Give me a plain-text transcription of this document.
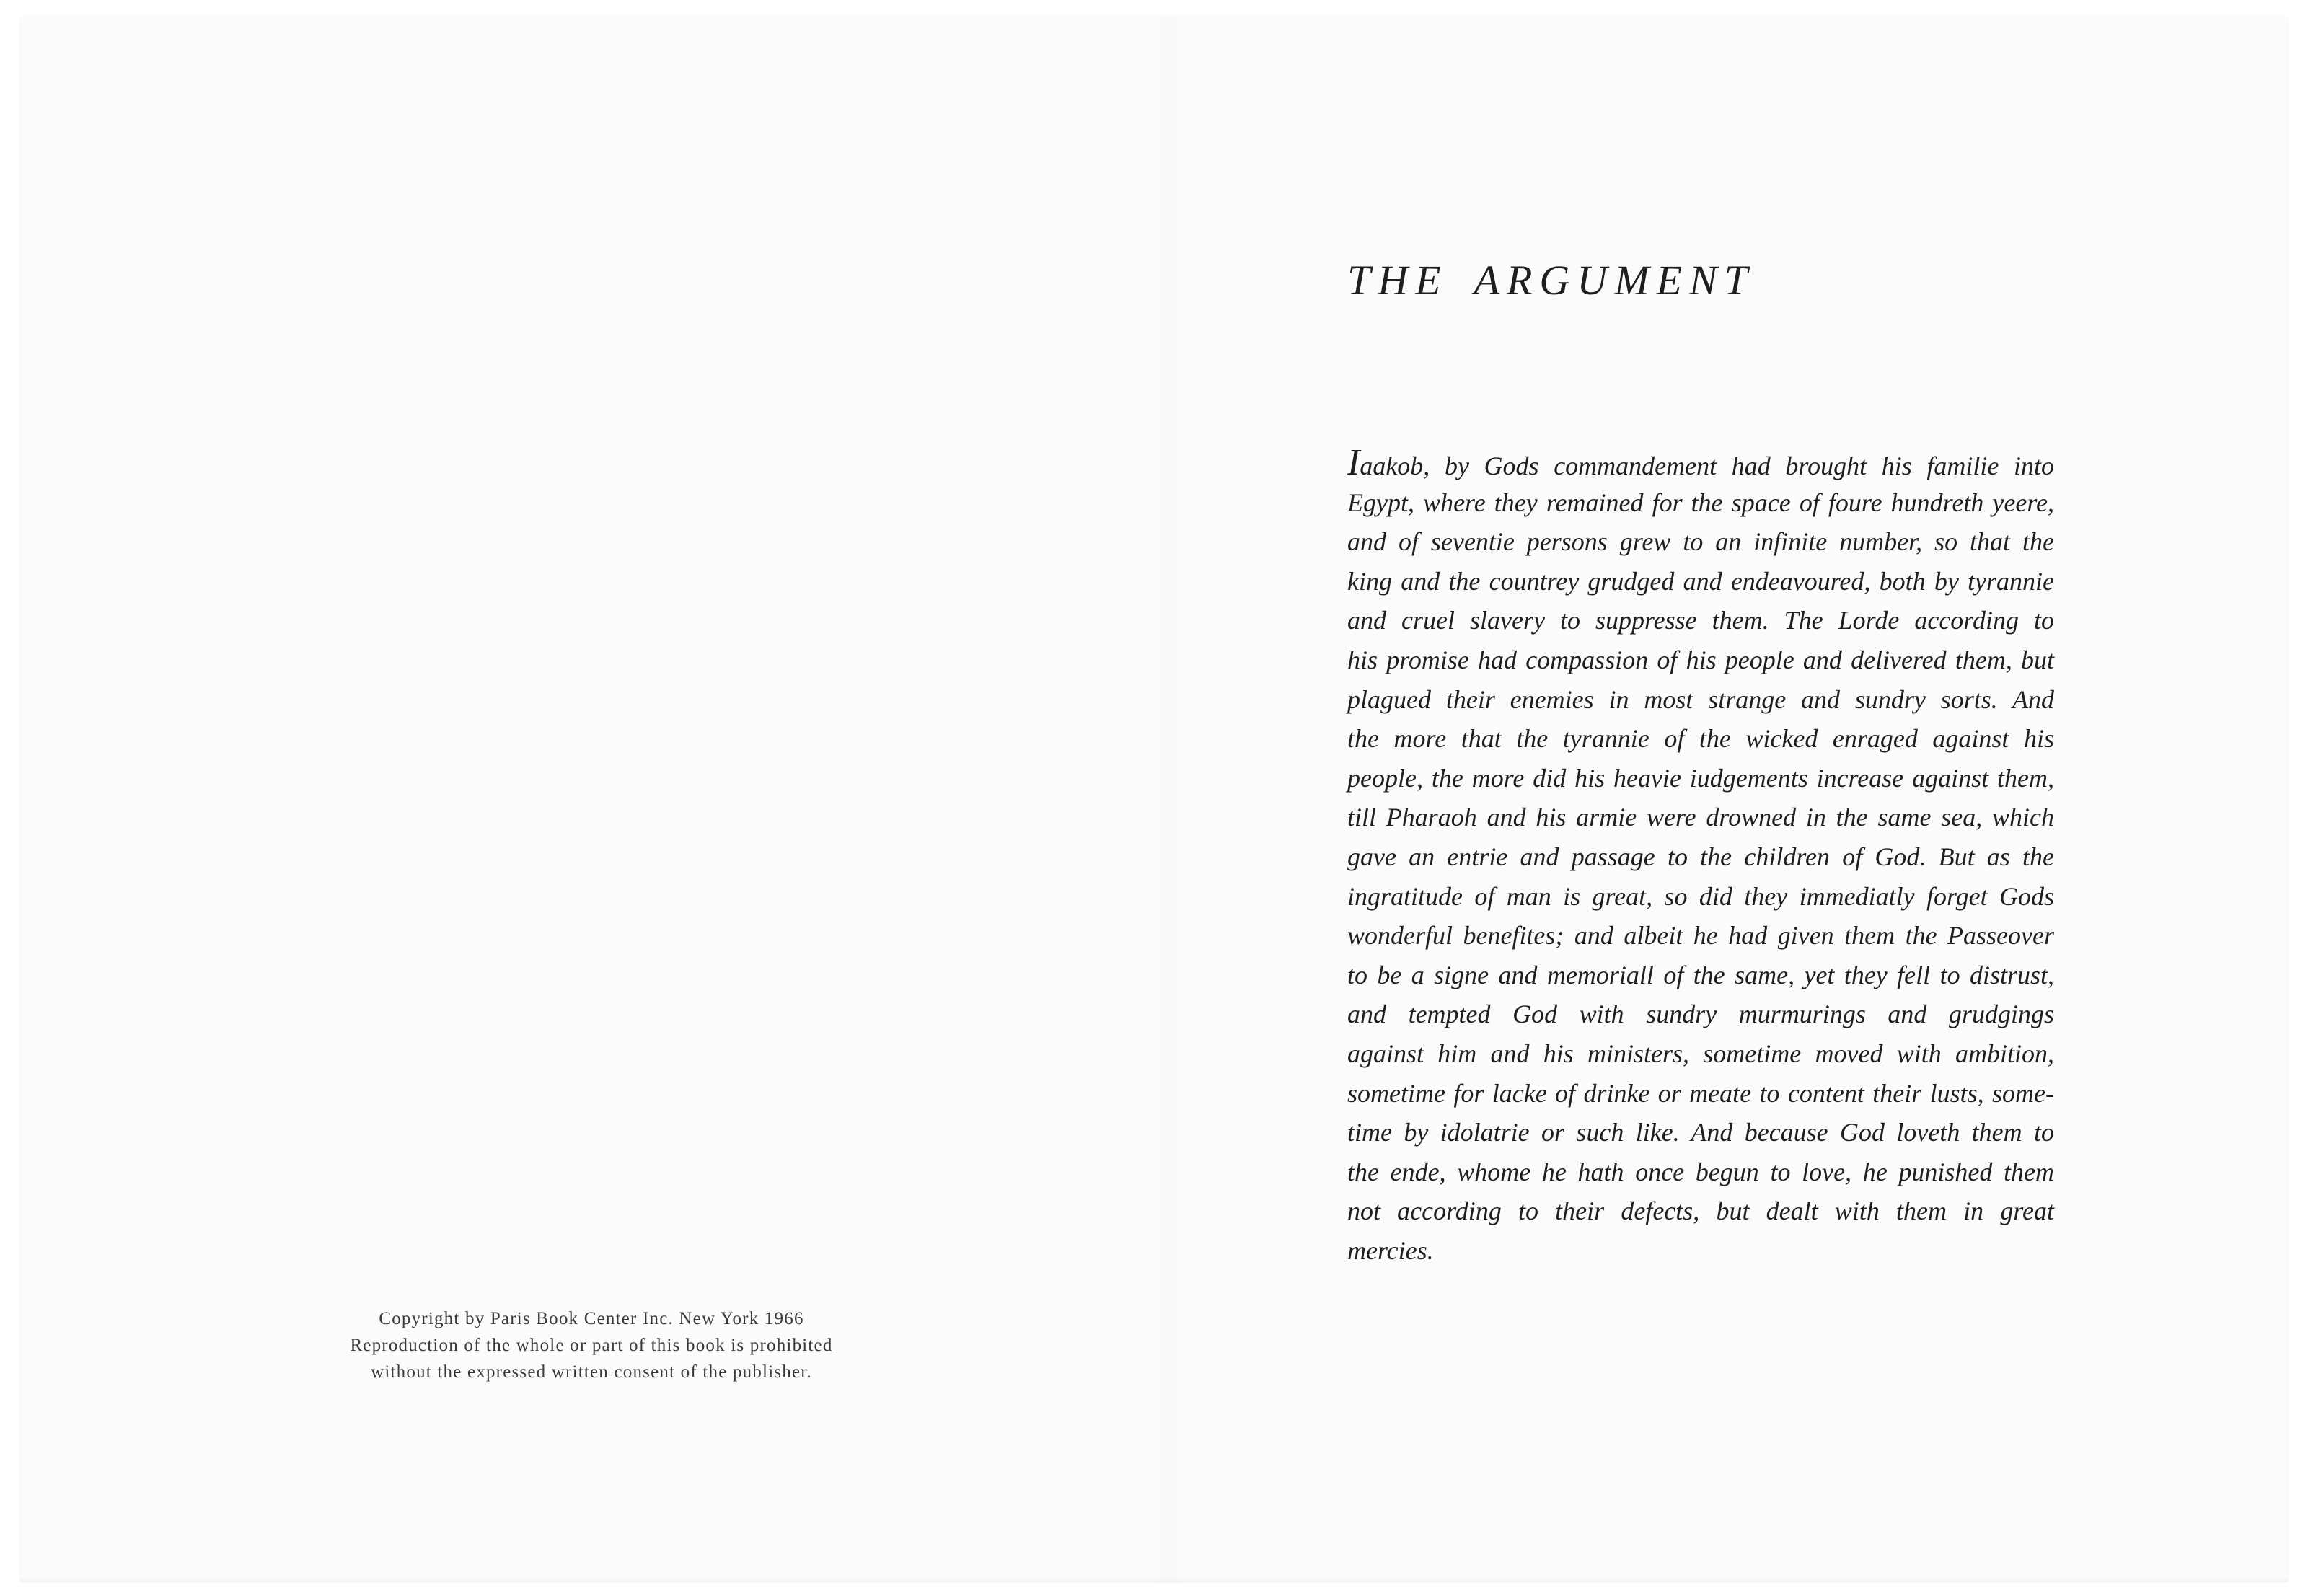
Copyright by Paris Book Center Inc. New York 1966
Reproduction of the whole or part of this book is prohibited
without the expressed written consent of the publisher.
THE ARGUMENT
Iaakob, by Gods commandement had brought his familie into
Egypt, where they remained for the space of foure hundreth yeere,
and of seventie persons grew to an infinite number, so that the
king and the countrey grudged and endeavoured, both by tyrannie
and cruel slavery to suppresse them. The Lorde according to
his promise had compassion of his people and delivered them, but
plagued their enemies in most strange and sundry sorts. And
the more that the tyrannie of the wicked enraged against his
people, the more did his heavie iudgements increase against them,
till Pharaoh and his armie were drowned in the same sea, which
gave an entrie and passage to the children of God. But as the
ingratitude of man is great, so did they immediatly forget Gods
wonderful benefites; and albeit he had given them the Passeover
to be a signe and memoriall of the same, yet they fell to distrust,
and tempted God with sundry murmurings and grudgings
against him and his ministers, sometime moved with ambition,
sometime for lacke of drinke or meate to content their lusts, some-
time by idolatrie or such like. And because God loveth them to
the ende, whome he hath once begun to love, he punished them
not according to their defects, but dealt with them in great
mercies.
